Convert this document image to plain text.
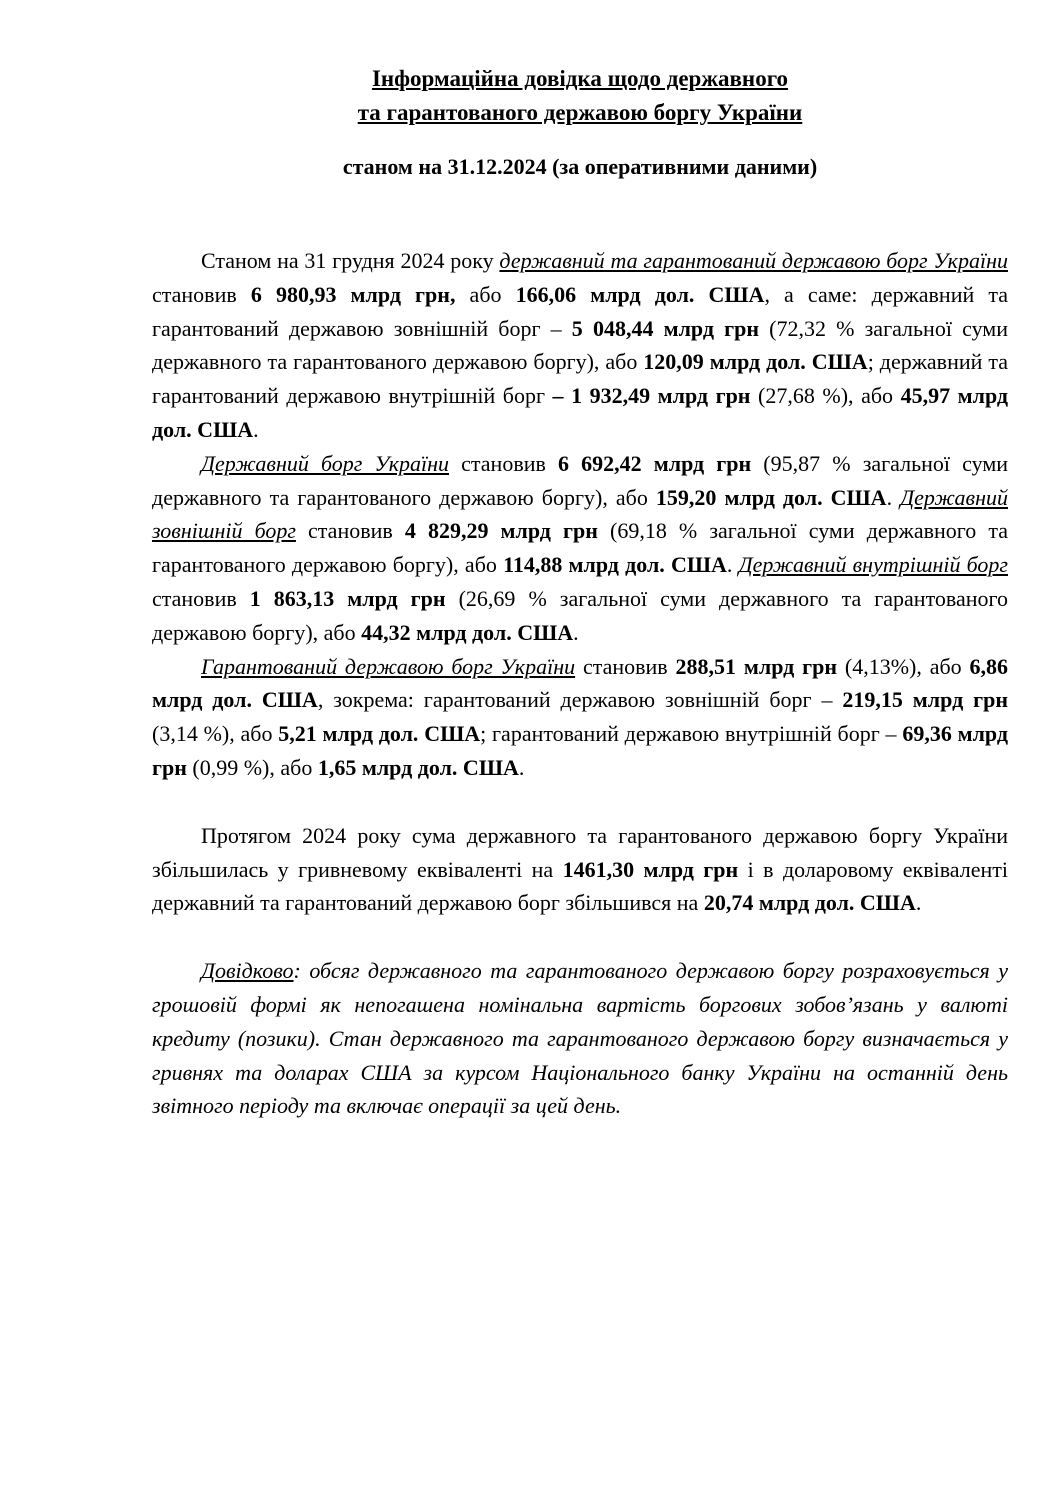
Інформаційна довідка щодо державного
та гарантованого державою боргу України

станом на 31.12.2024 (за оперативними даними)

Станом на 31 грудня 2024 року державний та гарантований державою борг України становив 6 980,93 млрд грн, або 166,06 млрд дол. США, а саме: державний та гарантований державою зовнішній борг – 5 048,44 млрд грн (72,32 % загальної суми державного та гарантованого державою боргу), або 120,09 млрд дол. США; державний та гарантований державою внутрішній борг – 1 932,49 млрд грн (27,68 %), або 45,97 млрд дол. США.

Державний борг України становив 6 692,42 млрд грн (95,87 % загальної суми державного та гарантованого державою боргу), або 159,20 млрд дол. США. Державний зовнішній борг становив 4 829,29 млрд грн (69,18 % загальної суми державного та гарантованого державою боргу), або 114,88 млрд дол. США. Державний внутрішній борг становив 1 863,13 млрд грн (26,69 % загальної суми державного та гарантованого державою боргу), або 44,32 млрд дол. США.

Гарантований державою борг України становив 288,51 млрд грн (4,13%), або 6,86 млрд дол. США, зокрема: гарантований державою зовнішній борг – 219,15 млрд грн (3,14 %), або 5,21 млрд дол. США; гарантований державою внутрішній борг – 69,36 млрд грн (0,99 %), або 1,65 млрд дол. США.

Протягом 2024 року сума державного та гарантованого державою боргу України збільшилась у гривневому еквіваленті на 1461,30 млрд грн і в доларовому еквіваленті державний та гарантований державою борг збільшився на 20,74 млрд дол. США.

Довідково: обсяг державного та гарантованого державою боргу розраховується у грошовій формі як непогашена номінальна вартість боргових зобов’язань у валюті кредиту (позики). Стан державного та гарантованого державою боргу визначається у гривнях та доларах США за курсом Національного банку України на останній день звітного періоду та включає операції за цей день.
